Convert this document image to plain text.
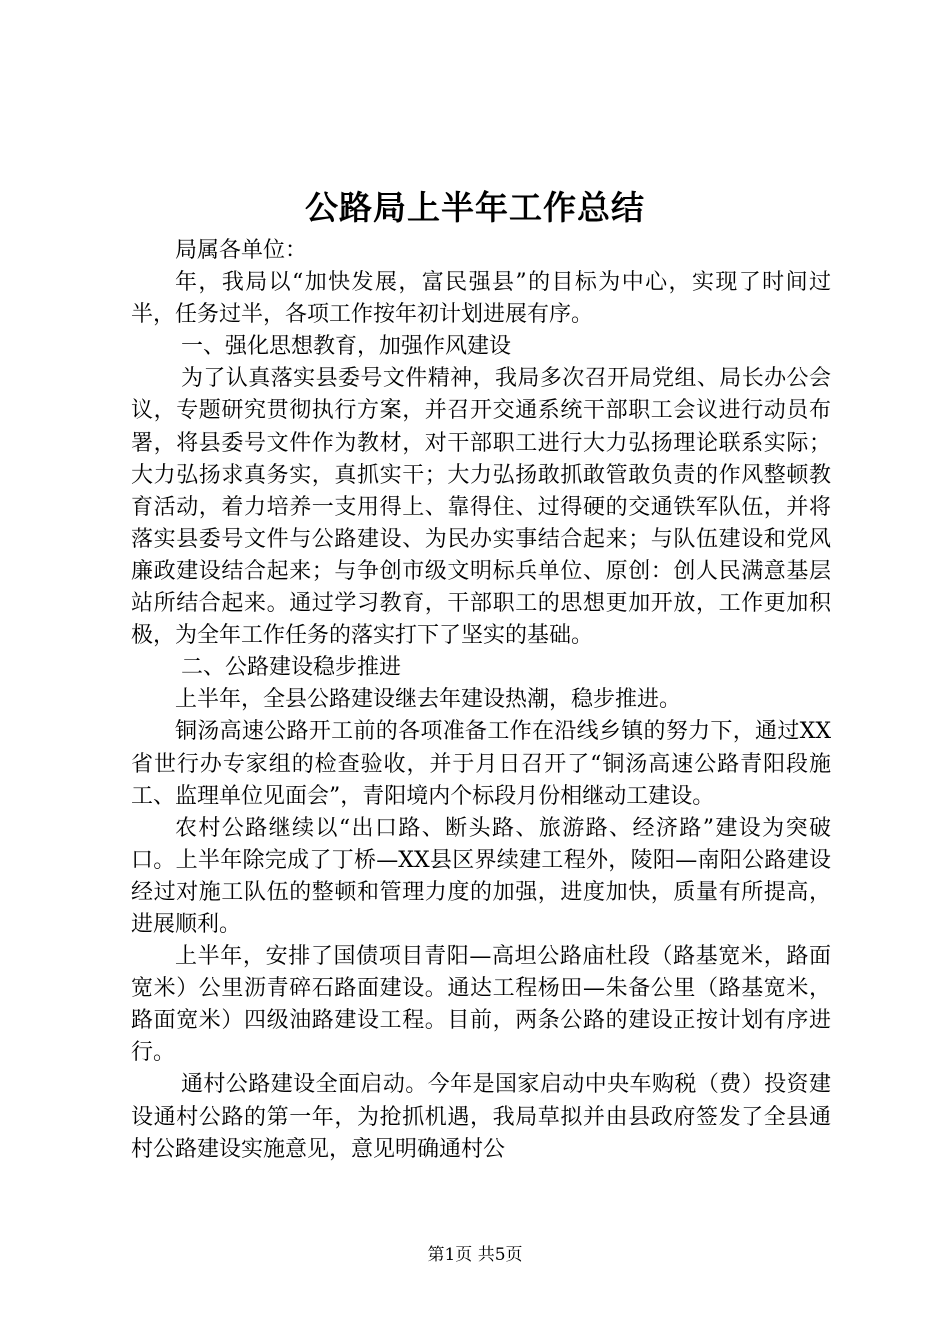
公路局上半年工作总结

局属各单位：

年，我局以“加快发展，富民强县”的目标为中心，实现了时间过半，任务过半，各项工作按年初计划进展有序。

一、强化思想教育，加强作风建设

为了认真落实县委号文件精神，我局多次召开局党组、局长办公会议，专题研究贯彻执行方案，并召开交通系统干部职工会议进行动员布署，将县委号文件作为教材，对干部职工进行大力弘扬理论联系实际；大力弘扬求真务实，真抓实干；大力弘扬敢抓敢管敢负责的作风整顿教育活动，着力培养一支用得上、靠得住、过得硬的交通铁军队伍，并将落实县委号文件与公路建设、为民办实事结合起来；与队伍建设和党风廉政建设结合起来；与争创市级文明标兵单位、原创：创人民满意基层站所结合起来。通过学习教育，干部职工的思想更加开放，工作更加积极，为全年工作任务的落实打下了坚实的基础。

二、公路建设稳步推进

上半年，全县公路建设继去年建设热潮，稳步推进。

铜汤高速公路开工前的各项准备工作在沿线乡镇的努力下，通过XX省世行办专家组的检查验收，并于月日召开了“铜汤高速公路青阳段施工、监理单位见面会”，青阳境内个标段月份相继动工建设。

农村公路继续以“出口路、断头路、旅游路、经济路”建设为突破口。上半年除完成了丁桥—XX县区界续建工程外，陵阳—南阳公路建设经过对施工队伍的整顿和管理力度的加强，进度加快，质量有所提高，进展顺利。

上半年，安排了国债项目青阳—高坦公路庙杜段（路基宽米，路面宽米）公里沥青碎石路面建设。通达工程杨田—朱备公里（路基宽米，路面宽米）四级油路建设工程。目前，两条公路的建设正按计划有序进行。

通村公路建设全面启动。今年是国家启动中央车购税（费）投资建设通村公路的第一年，为抢抓机遇，我局草拟并由县政府签发了全县通村公路建设实施意见，意见明确通村公

第1页 共5页
